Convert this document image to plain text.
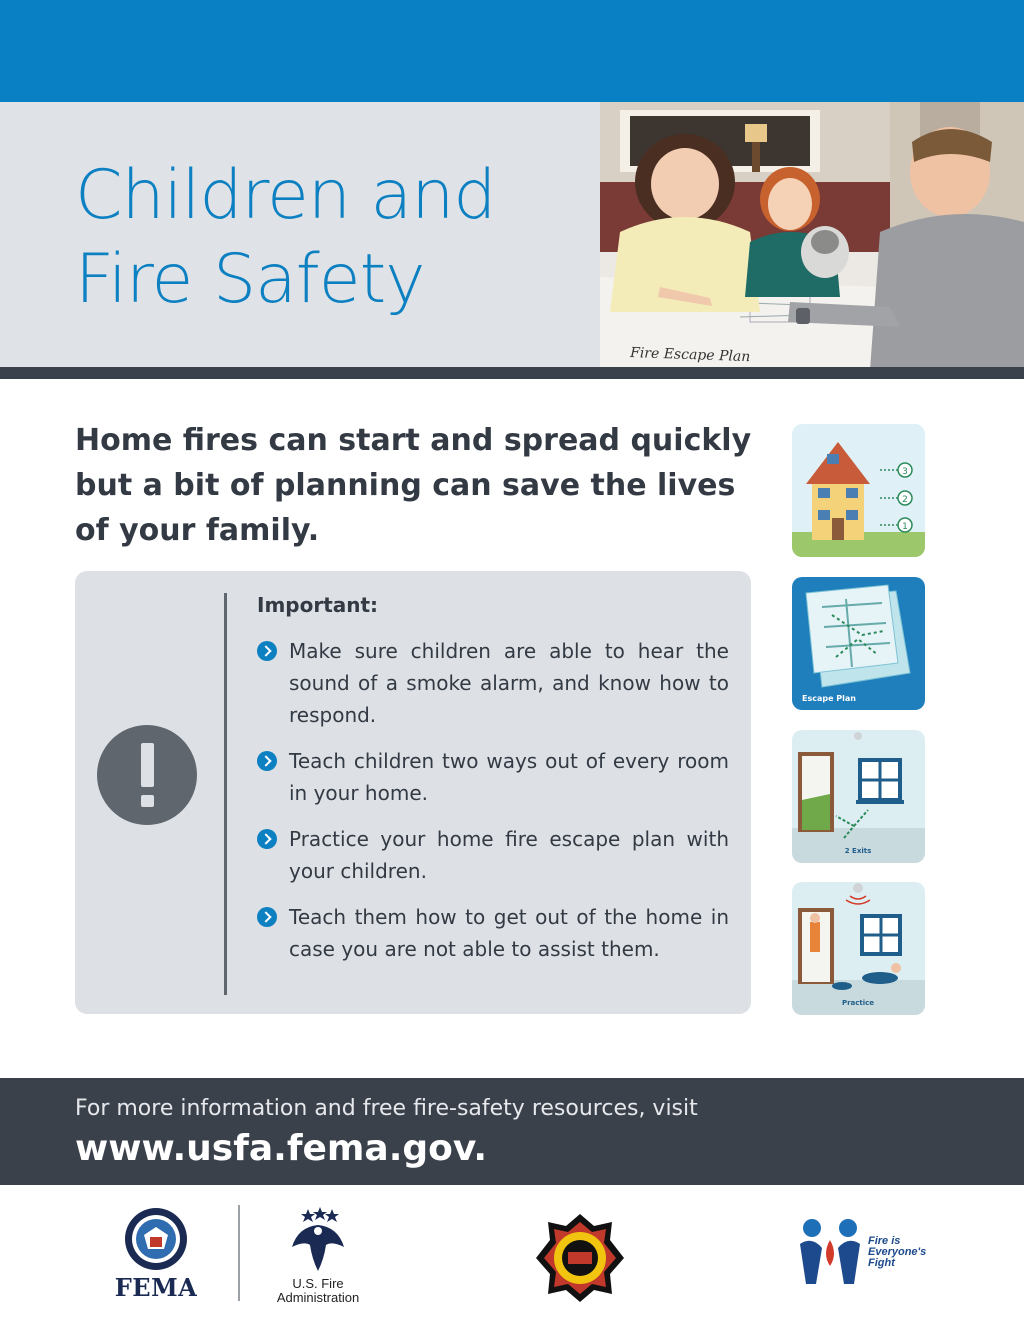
Children and
Fire Safety
Fire Escape Plan

Home fires can start and spread quickly but a bit of planning can save the lives of your family.

Important:
Make sure children are able to hear the sound of a smoke alarm, and know how to respond.
Teach children two ways out of every room in your home.
Practice your home fire escape plan with your children.
Teach them how to get out of the home in case you are not able to assist them.
3
2
1
Escape Plan
2 Exits
Practice

For more information and free fire-safety resources, visit

www.usfa.fema.gov.
FEMA	U.S. Fire
Administration
Fire is
Everyone's
Fight
